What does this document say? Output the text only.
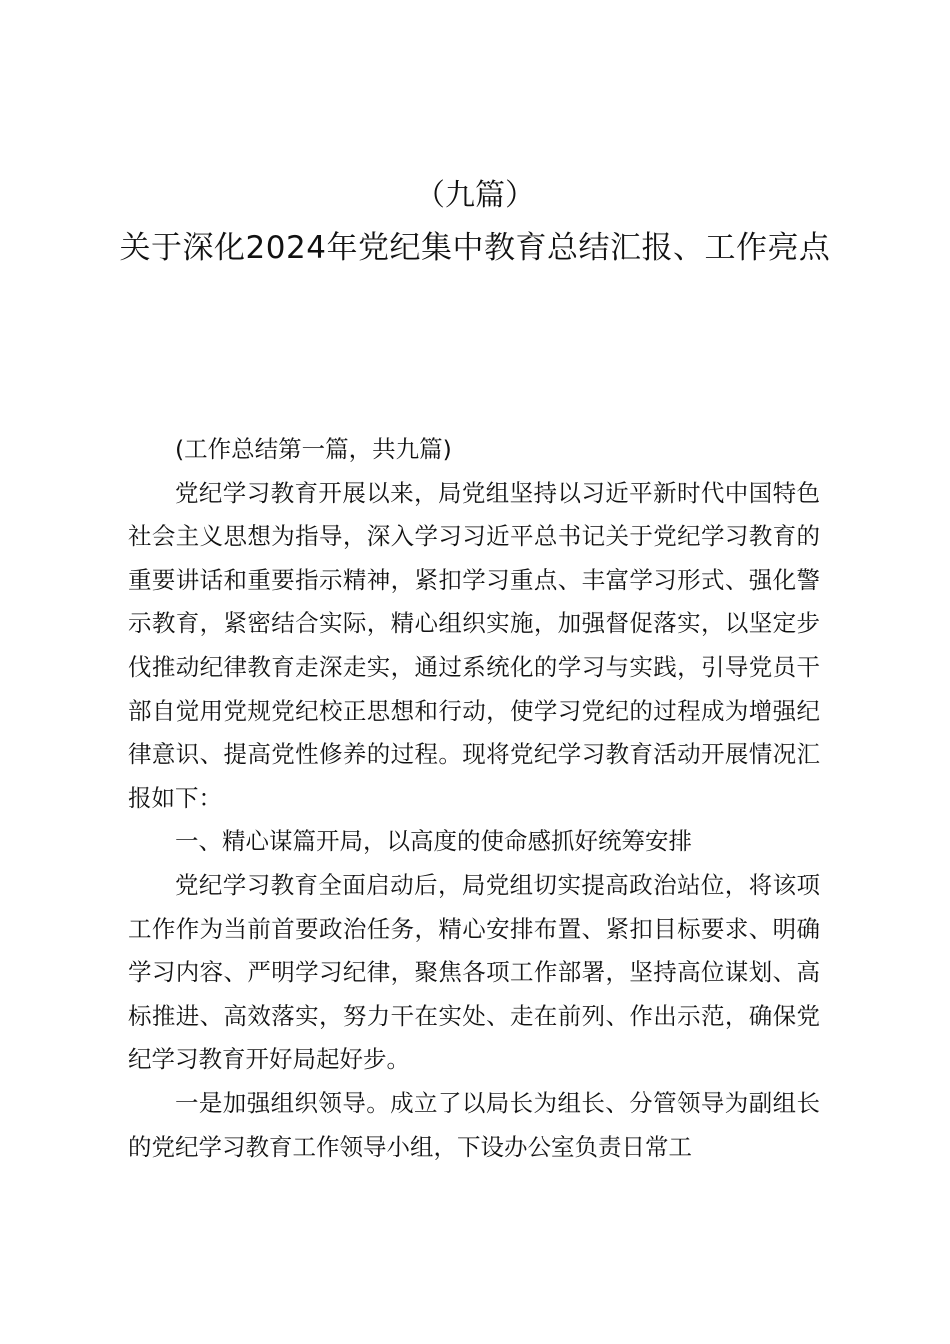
（九篇）
关于深化2024年党纪集中教育总结汇报、工作亮点

(工作总结第一篇，共九篇)

党纪学习教育开展以来，局党组坚持以习近平新时代中国特色社会主义思想为指导，深入学习习近平总书记关于党纪学习教育的重要讲话和重要指示精神，紧扣学习重点、丰富学习形式、强化警示教育，紧密结合实际，精心组织实施，加强督促落实，以坚定步伐推动纪律教育走深走实，通过系统化的学习与实践，引导党员干部自觉用党规党纪校正思想和行动，使学习党纪的过程成为增强纪律意识、提高党性修养的过程。现将党纪学习教育活动开展情况汇报如下：

一、精心谋篇开局，以高度的使命感抓好统筹安排

党纪学习教育全面启动后，局党组切实提高政治站位，将该项工作作为当前首要政治任务，精心安排布置、紧扣目标要求、明确学习内容、严明学习纪律，聚焦各项工作部署，坚持高位谋划、高标推进、高效落实，努力干在实处、走在前列、作出示范，确保党纪学习教育开好局起好步。

一是加强组织领导。成立了以局长为组长、分管领导为副组长的党纪学习教育工作领导小组，下设办公室负责日常工
